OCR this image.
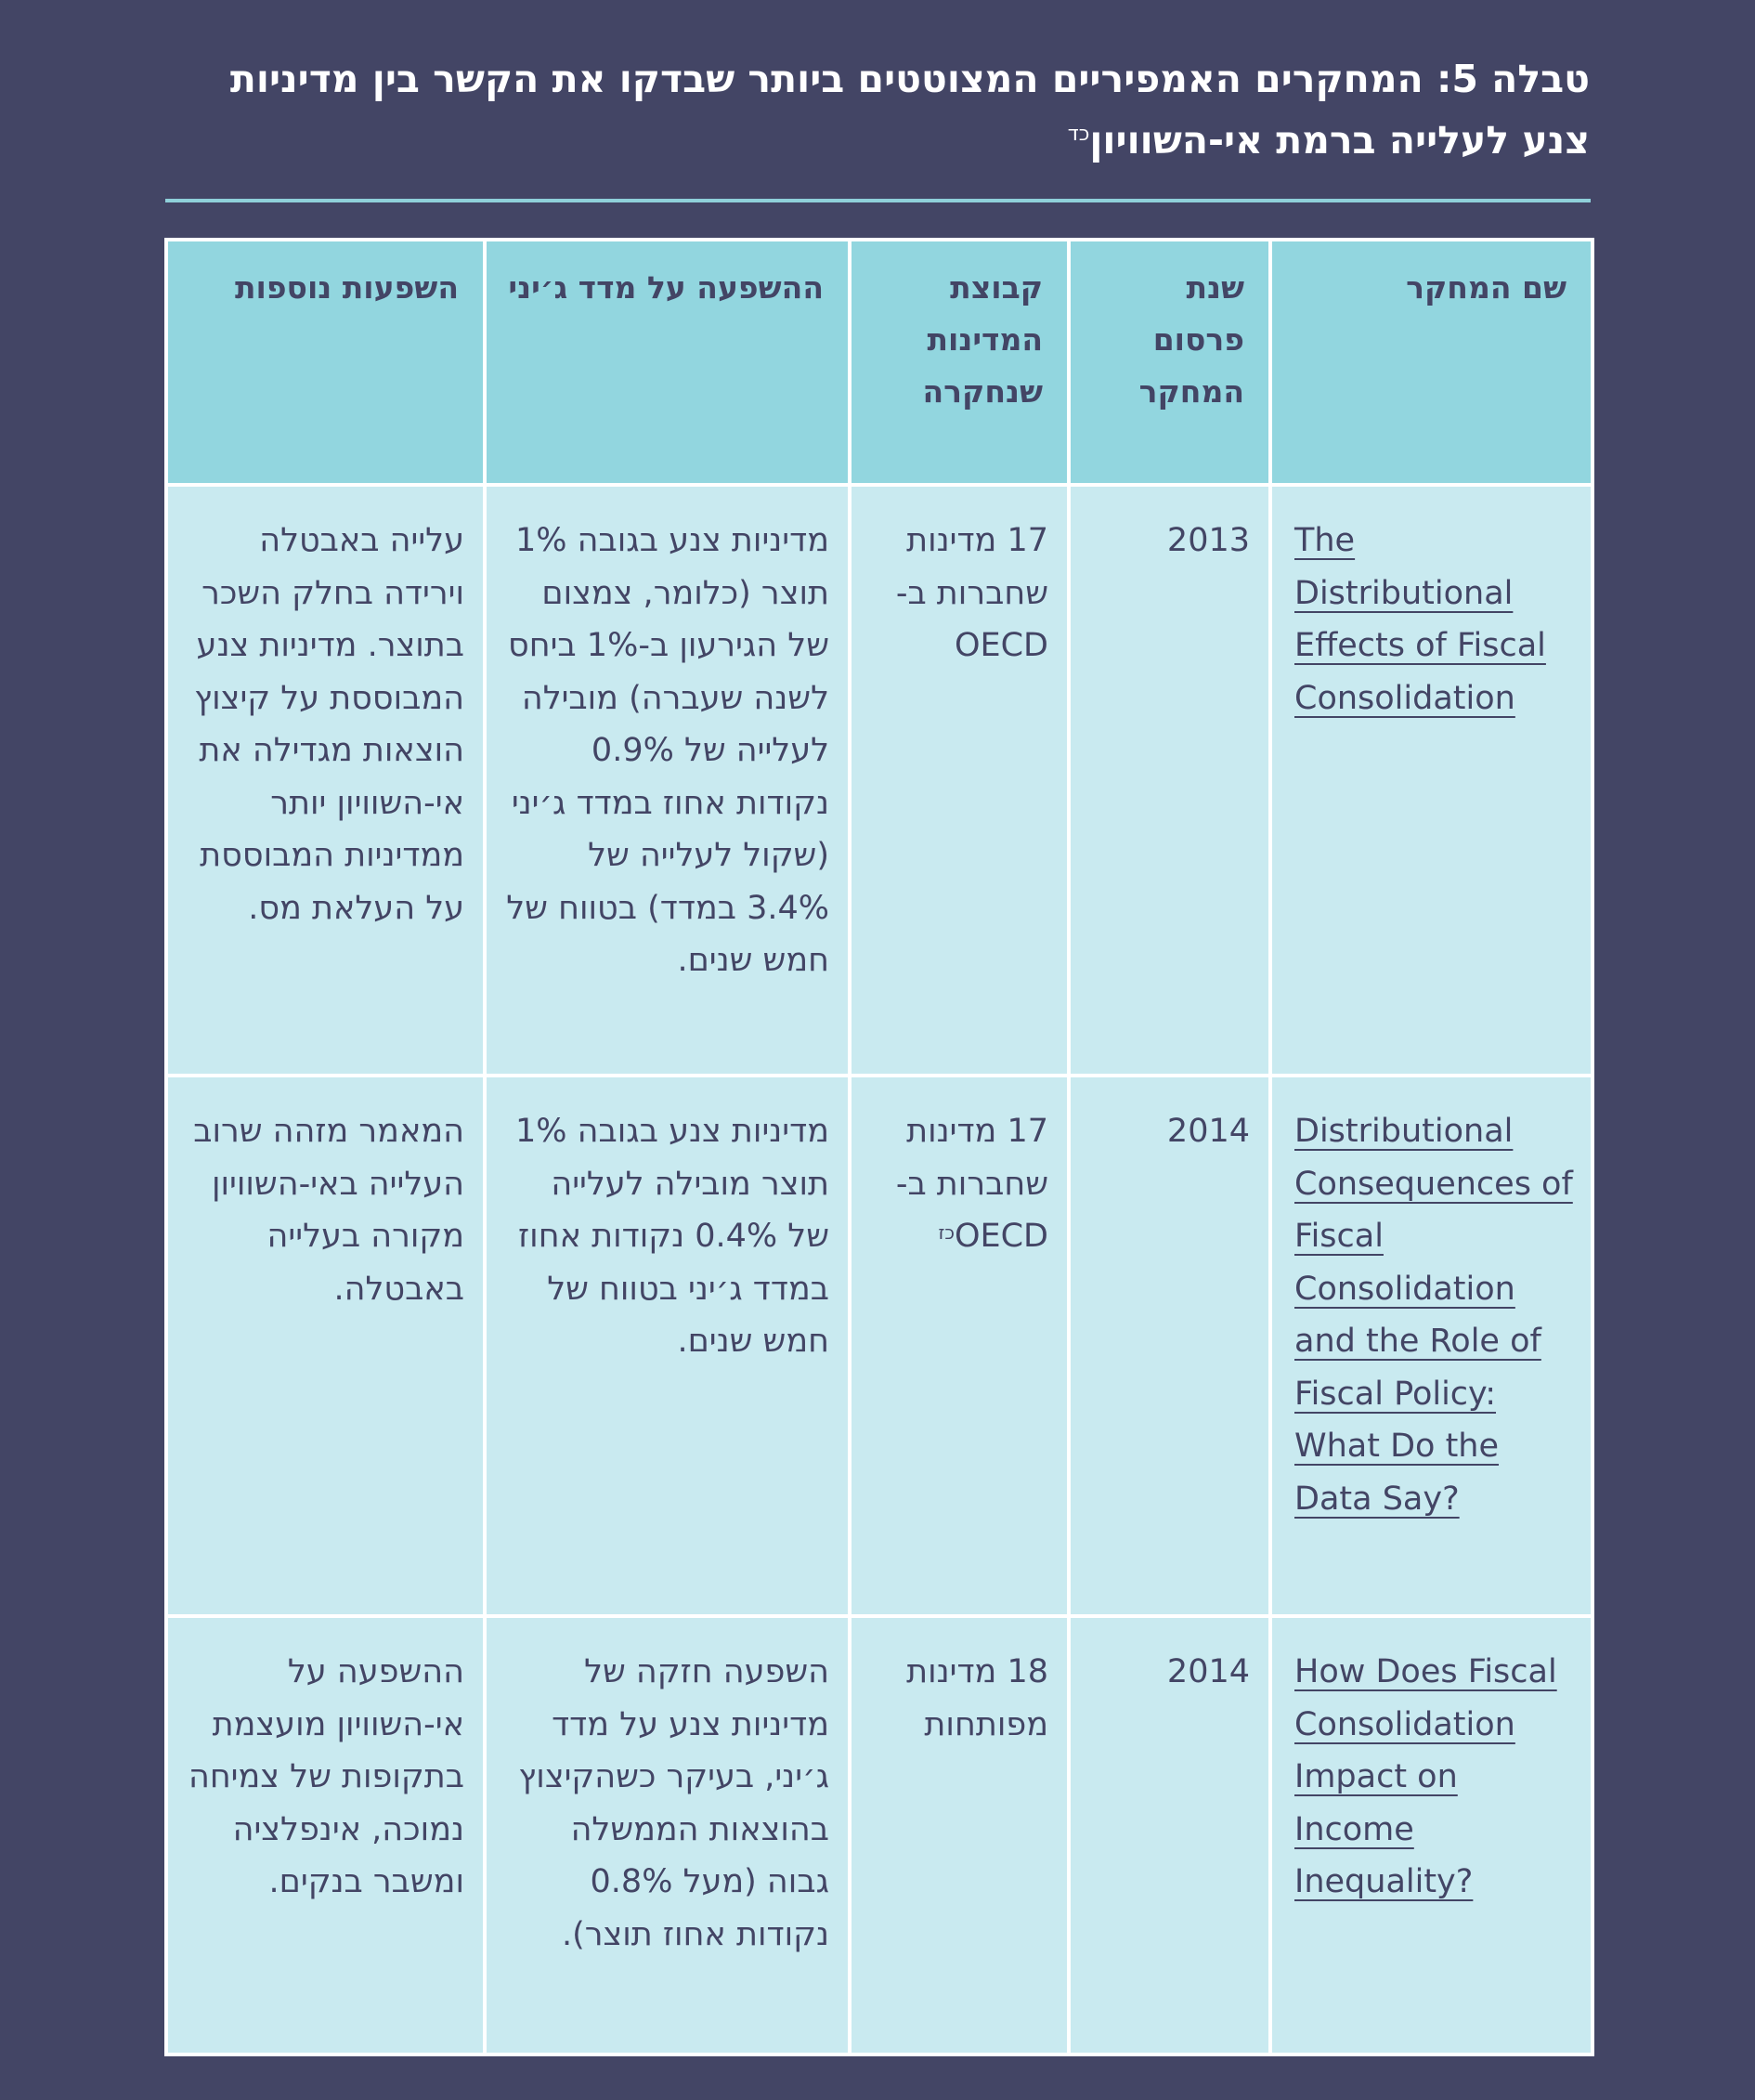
טבלה 5: המחקרים האמפיריים המצוטטים ביותר שבדקו את הקשר בין מדיניות
צנע לעלייה ברמת אי-השוויון$^{כד}$
שם המחקר	שנת פרסום המחקר	קבוצת המדינות שנחקרה	ההשפעה על מדד ג׳יני	השפעות נוספות
The Distributional Effects of Fiscal Consolidation	2013	17 מדינות שחברות ב-OECD	מדיניות צנע בגובה 1% תוצר (כלומר, צמצום של הגירעון ב-1% ביחס לשנה שעברה) מובילה לעלייה של 0.9% נקודות אחוז במדד ג׳יני (שקול לעלייה של 3.4% במדד) בטווח של חמש שנים.	עלייה באבטלה וירידה בחלק השכר בתוצר. מדיניות צנע המבוססת על קיצוץ הוצאות מגדילה את אי-השוויון יותר ממדיניות המבוססת על העלאת מס.
Distributional Consequences of Fiscal Consolidation and the Role of Fiscal Policy: What Do the Data Say?	2014	17 מדינות שחברות $ב-OECD^{כז}$	מדיניות צנע בגובה 1% תוצר מובילה לעלייה של 0.4% נקודות אחוז במדד ג׳יני בטווח של חמש שנים.	המאמר מזהה שרוב העלייה באי-השוויון מקורה בעלייה באבטלה.
How Does Fiscal Consolidation Impact on Income Inequality?	2014	18 מדינות מפותחות	השפעה חזקה של מדיניות צנע על מדד ג׳יני, בעיקר כשהקיצוץ בהוצאות הממשלה גבוה (מעל 0.8% נקודות אחוז תוצר).	ההשפעה על אי-השוויון מועצמת בתקופות של צמיחה נמוכה, אינפלציה ומשבר בנקים.
